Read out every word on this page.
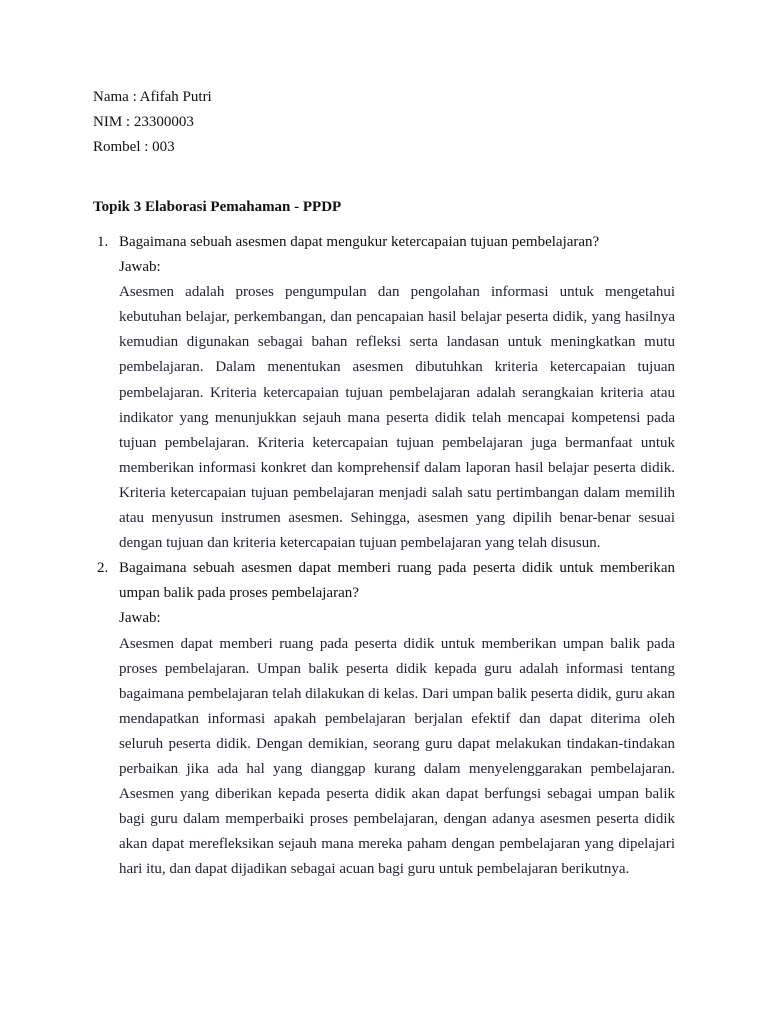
Nama : Afifah Putri
NIM : 23300003
Rombel : 003
Topik 3 Elaborasi Pemahaman - PPDP
1. Bagaimana sebuah asesmen dapat mengukur ketercapaian tujuan pembelajaran?
Jawab:
Asesmen adalah proses pengumpulan dan pengolahan informasi untuk mengetahui kebutuhan belajar, perkembangan, dan pencapaian hasil belajar peserta didik, yang hasilnya kemudian digunakan sebagai bahan refleksi serta landasan untuk meningkatkan mutu pembelajaran. Dalam menentukan asesmen dibutuhkan kriteria ketercapaian tujuan pembelajaran. Kriteria ketercapaian tujuan pembelajaran adalah serangkaian kriteria atau indikator yang menunjukkan sejauh mana peserta didik telah mencapai kompetensi pada tujuan pembelajaran. Kriteria ketercapaian tujuan pembelajaran juga bermanfaat untuk memberikan informasi konkret dan komprehensif dalam laporan hasil belajar peserta didik. Kriteria ketercapaian tujuan pembelajaran menjadi salah satu pertimbangan dalam memilih atau menyusun instrumen asesmen. Sehingga, asesmen yang dipilih benar-benar sesuai dengan tujuan dan kriteria ketercapaian tujuan pembelajaran yang telah disusun.
2. Bagaimana sebuah asesmen dapat memberi ruang pada peserta didik untuk memberikan umpan balik pada proses pembelajaran?
Jawab:
Asesmen dapat memberi ruang pada peserta didik untuk memberikan umpan balik pada proses pembelajaran. Umpan balik peserta didik kepada guru adalah informasi tentang bagaimana pembelajaran telah dilakukan di kelas. Dari umpan balik peserta didik, guru akan mendapatkan informasi apakah pembelajaran berjalan efektif dan dapat diterima oleh seluruh peserta didik. Dengan demikian, seorang guru dapat melakukan tindakan-tindakan perbaikan jika ada hal yang dianggap kurang dalam menyelenggarakan pembelajaran. Asesmen yang diberikan kepada peserta didik akan dapat berfungsi sebagai umpan balik bagi guru dalam memperbaiki proses pembelajaran, dengan adanya asesmen peserta didik akan dapat merefleksikan sejauh mana mereka paham dengan pembelajaran yang dipelajari hari itu, dan dapat dijadikan sebagai acuan bagi guru untuk pembelajaran berikutnya.
